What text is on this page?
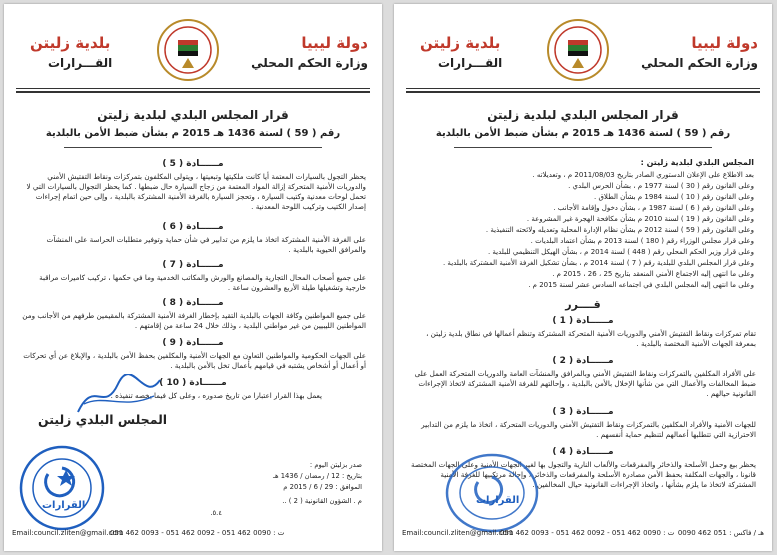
دولة ليبيا
وزارة الحكم المحلي
بلدية زليتن
القـــرارات
قرار المجلس البلدي لبلدية زليتن
رقم ( 59 ) لسنة 1436 هـ 2015 م بشأن ضبط الأمن بالبلدية
مــــــادة ( 5 )
يحظر التجول بالسيارات المعتمة أيا كانت ملكيتها وتبعيتها ، ويتولى المكلفون بتمركزات ونقاط التفتيش الأمني والدوريات الأمنية المتحركة إزالة المواد المعتمة من زجاج السيارة حال ضبطها . كما يحظر التجوال بالسيارات التي لا تحمل لوحات معدنية وكتيب السيارة ، وتحجز السيارة بالغرفة الأمنية المشتركة بالبلدية ، وإلى حين اتمام إجراءات إصدار الكتيب وتركيب اللوحة المعدنية .
مــــــادة ( 6 )
على الغرفة الأمنية المشتركة اتخاذ ما يلزم من تدابير في شأن حماية وتوفير متطلبات الحراسة على المنشآت والمرافق الحيوية بالبلدية .
مــــــادة ( 7 )
على جميع أصحاب المحال التجارية والمصانع والورش والمكاتب الخدمية وما في حكمها ، تركيب كاميرات مراقبة خارجية وتشغيلها طيلة الأربع والعشرون ساعة .
مــــــادة ( 8 )
على جميع المواطنين وكافة الجهات بالبلدية التقيد بإخطار الغرفة الأمنية المشتركة بالمقيمين طرفهم من الأجانب ومن المواطنين الليبيين من غير مواطني البلدية ، وذلك خلال 24 ساعة من إقامتهم .
مــــــادة ( 9 )
على الجهات الحكومية والمواطنين التعاون مع الجهات الأمنية والمكلفين بحفظ الأمن بالبلدية ، والإبلاغ عن أي تحركات أو أعمال أو أشخاص يشتبه في قيامهم بأعمال تخل بالأمن بالبلدية .
مــــــادة ( 10 )
يعمل بهذا القرار اعتبارا من تاريخ صدوره ، وعلى كل فيما يخصه تنفيذه .
المجلس البلدي زليتن
القرارات
صدر بزليتن اليوم :
بتاريخ : 12 / رمضان / 1436 هـ
الموافق : 29 / 6 / 2015 م
م . الشؤون القانونية ( 2 ) ..
٥.٤.
Email:council.zliten@gmail.com
051 462 0093 - 051 462 0092 - 051 462 0090 : ت
دولة ليبيا
وزارة الحكم المحلي
بلدية زليتن
القـــرارات
قرار المجلس البلدي لبلدية زليتن
رقم ( 59 ) لسنة 1436 هـ 2015 م بشأن ضبط الأمن بالبلدية
المجلس البلدي لبلدية زليتن :
بعد الاطلاع على الإعلان الدستوري الصادر بتاريخ 2011/08/03 م ، وتعديلاته .
وعلى القانون رقم ( 30 ) لسنة 1977 م ، بشأن الحرس البلدي .
وعلى القانون رقم ( 10 ) لسنة 1984 م بشأن الطلاق .
وعلى القانون رقم ( 6 ) لسنة 1987 م ، بشأن دخول وإقامة الأجانب .
وعلى القانون رقم ( 19 ) لسنة 2010 م بشأن مكافحة الهجرة غير المشروعة .
وعلى القانون رقم ( 59 ) لسنة 2012 م بشأن نظام الإدارة المحلية وتعديله ولائحته التنفيذية .
وعلى قرار مجلس الوزراء رقم ( 180 ) لسنة 2013 م بشأن اعتماد البلديات .
وعلى قرار وزير الحكم المحلي رقم ( 448 ) لسنة 2014 م ، بشأن الهيكل التنظيمي للبلدية .
وعلى قرار المجلس البلدي للبلدية رقم ( 7 ) لسنة 2014 م ، بشأن تشكيل الغرفة الأمنية المشتركة بالبلدية .
وعلى ما انتهى إليه الاجتماع الأمني المنعقد بتاريخ 25 ، 26 ، 2015 م .
وعلى ما انتهى إليه المجلس البلدي في اجتماعه السادس عشر لسنة 2015 م .
قــــرر
مــــــادة ( 1 )
تقام تمركزات ونقاط التفتيش الأمني والدوريات الأمنية المتحركة المشتركة وتنظم أعمالها في نطاق بلدية زليتن ، بمعرفة الجهات الأمنية المختصة بالبلدية .
مــــــادة ( 2 )
على الأفراد المكلفين بالتمركزات ونقاط التفتيش الأمني وبالمرافق والمنشآت العامة والدوريات المتحركة العمل على ضبط المخالفات والأعمال التي من شأنها الإخلال بالأمن بالبلدية ، وإحالتهم للغرفة الأمنية المشتركة لاتخاذ الإجراءات القانونية حيالهم .
مــــــادة ( 3 )
للجهات الأمنية والأفراد المكلفين بالتمركزات ونقاط التفتيش الأمني والدوريات المتحركة ، اتخاذ ما يلزم من التدابير الاحترازية التي تتطلبها أعمالهم لتنظيم حماية أنفسهم .
مــــــادة ( 4 )
يحظر بيع وحمل الأسلحة والذخائر والمفرقعات والألعاب النارية والتجول بها لغير الجهات الأمنية وعلى الجهات المختصة قانونا ، والجهات المكلفة بحفظ الأمن مصادرة الأسلحة والمفرقعات والذخائر ، وإحالة مرتكبيها للغرفة الأمنية المشتركة لاتخاذ ما يلزم بشأنها ، واتخاذ الإجراءات القانونية حيال المخالفين .
القرارات
Email:council.zliten@gmail.com
051 462 0093 - 051 462 0092 - 051 462 0090 : ت هـ / فاكس : 051 462 0090
